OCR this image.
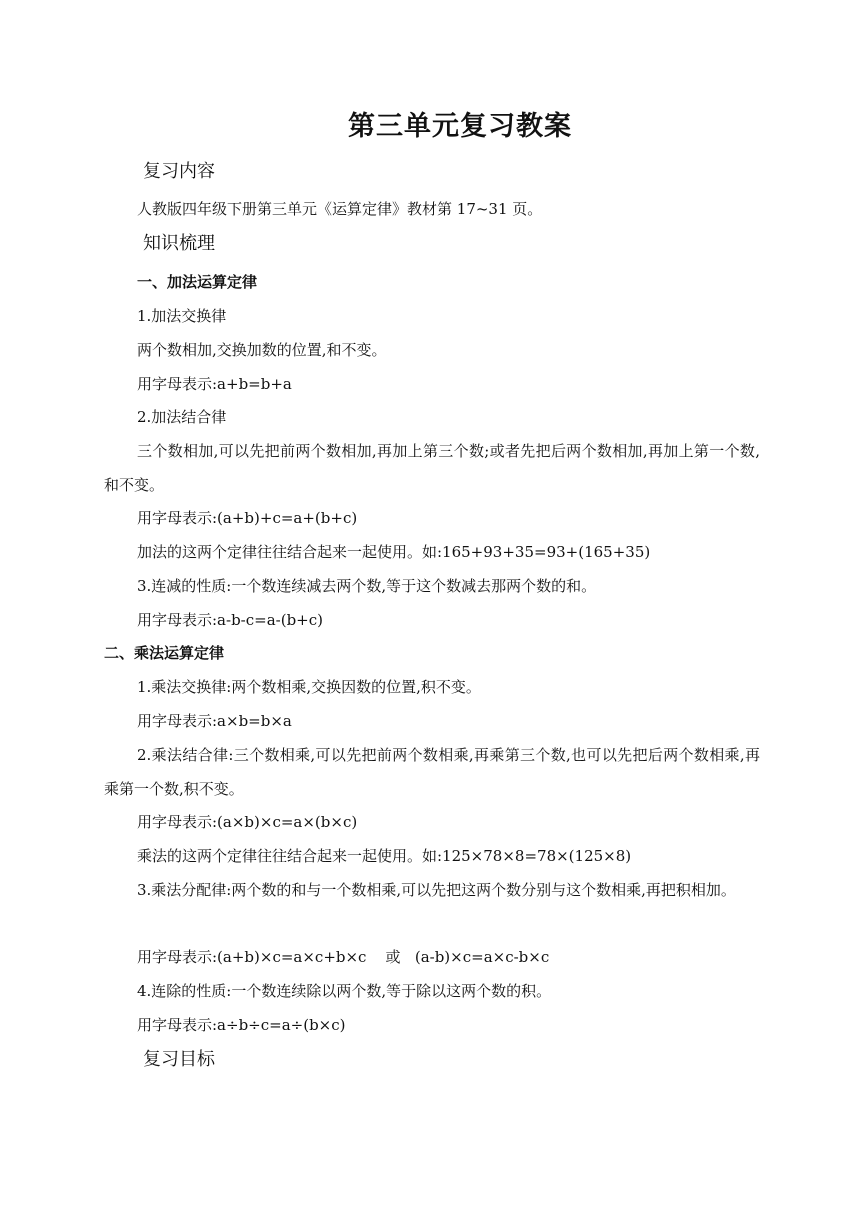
第三单元复习教案
复习内容
人教版四年级下册第三单元《运算定律》教材第 17~31 页。
知识梳理
一、加法运算定律
1.加法交换律
两个数相加,交换加数的位置,和不变。
用字母表示:a+b=b+a
2.加法结合律
三个数相加,可以先把前两个数相加,再加上第三个数;或者先把后两个数相加,再加上第一个数,和不变。
用字母表示:(a+b)+c=a+(b+c)
加法的这两个定律往往结合起来一起使用。如:165+93+35=93+(165+35)
3.连减的性质:一个数连续减去两个数,等于这个数减去那两个数的和。
用字母表示:a-b-c=a-(b+c)
二、乘法运算定律
1.乘法交换律:两个数相乘,交换因数的位置,积不变。
用字母表示:a×b=b×a
2.乘法结合律:三个数相乘,可以先把前两个数相乘,再乘第三个数,也可以先把后两个数相乘,再乘第一个数,积不变。
用字母表示:(a×b)×c=a×(b×c)
乘法的这两个定律往往结合起来一起使用。如:125×78×8=78×(125×8)
3.乘法分配律:两个数的和与一个数相乘,可以先把这两个数分别与这个数相乘,再把积相加。
用字母表示:(a+b)×c=a×c+b×c    或   (a-b)×c=a×c-b×c
4.连除的性质:一个数连续除以两个数,等于除以这两个数的积。
用字母表示:a÷b÷c=a÷(b×c)
复习目标
